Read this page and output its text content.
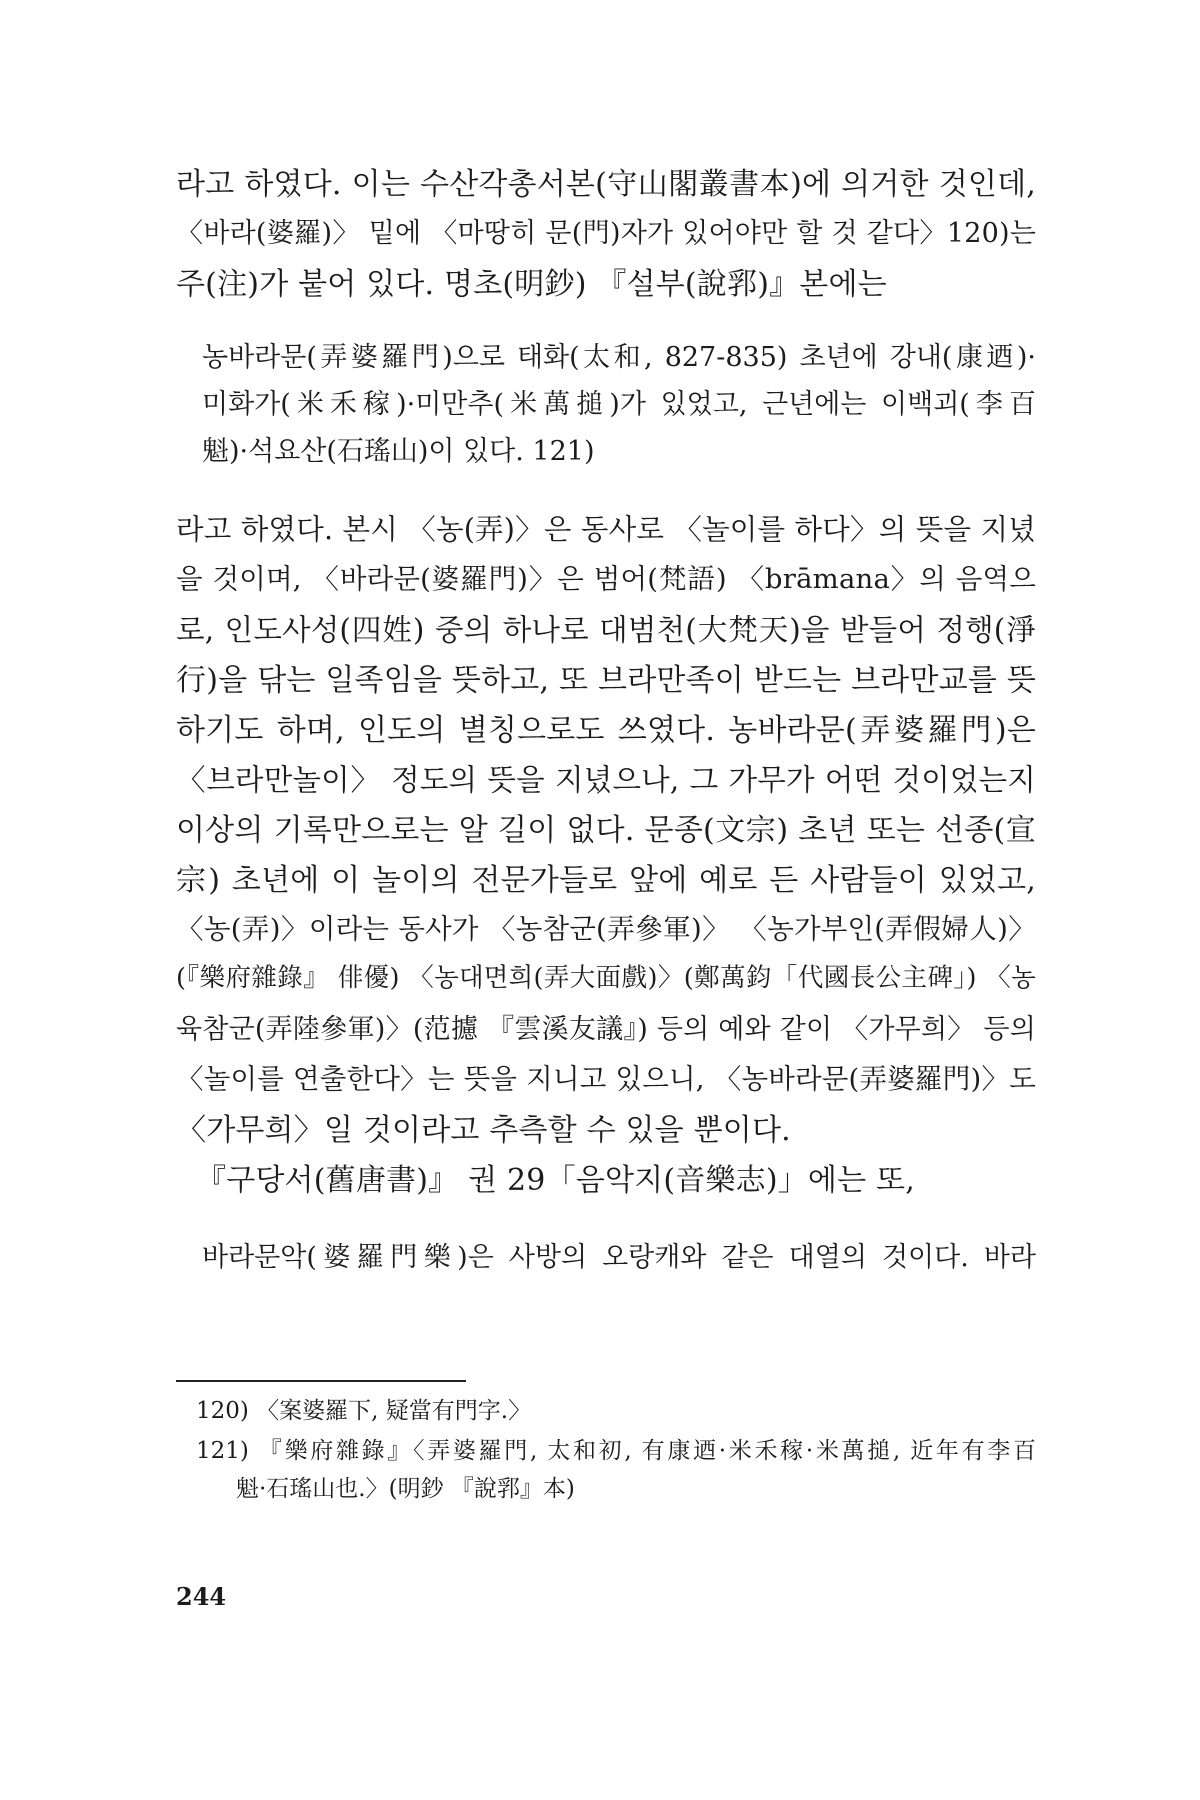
라고 하였다. 이는 수산각총서본(守山閣叢書本)에 의거한 것인데,
〈바라(婆羅)〉 밑에 〈마땅히 문(門)자가 있어야만 할 것 같다〉120)는
주(注)가 붙어 있다. 명초(明鈔) 『설부(說郛)』본에는
농바라문(弄婆羅門)으로 태화(太和, 827-835) 초년에 강내(康迺)·
미화가(米禾稼)·미만추(米萬搥)가 있었고, 근년에는 이백괴(李百
魁)·석요산(石瑤山)이 있다. 121)
라고 하였다. 본시 〈농(弄)〉은 동사로 〈놀이를 하다〉의 뜻을 지녔
을 것이며, 〈바라문(婆羅門)〉은 범어(梵語) 〈brāmana〉의 음역으
로, 인도사성(四姓) 중의 하나로 대범천(大梵天)을 받들어 정행(淨
行)을 닦는 일족임을 뜻하고, 또 브라만족이 받드는 브라만교를 뜻
하기도 하며, 인도의 별칭으로도 쓰였다. 농바라문(弄婆羅門)은
〈브라만놀이〉 정도의 뜻을 지녔으나, 그 가무가 어떤 것이었는지
이상의 기록만으로는 알 길이 없다. 문종(文宗) 초년 또는 선종(宣
宗) 초년에 이 놀이의 전문가들로 앞에 예로 든 사람들이 있었고,
〈농(弄)〉이라는 동사가 〈농참군(弄參軍)〉 〈농가부인(弄假婦人)〉
(『樂府雜錄』 俳優) 〈농대면희(弄大面戲)〉(鄭萬鈞「代國長公主碑」) 〈농
육참군(弄陸參軍)〉(范攄 『雲溪友議』) 등의 예와 같이 〈가무희〉 등의
〈놀이를 연출한다〉는 뜻을 지니고 있으니, 〈농바라문(弄婆羅門)〉도
〈가무희〉일 것이라고 추측할 수 있을 뿐이다.
『구당서(舊唐書)』 권 29「음악지(音樂志)」에는 또,
바라문악(婆羅門樂)은 사방의 오랑캐와 같은 대열의 것이다. 바라
120) 〈案婆羅下, 疑當有門字.〉
121) 『樂府雜錄』〈弄婆羅門, 太和初, 有康迺·米禾稼·米萬搥, 近年有李百
魁·石瑤山也.〉(明鈔 『說郛』本)
244
